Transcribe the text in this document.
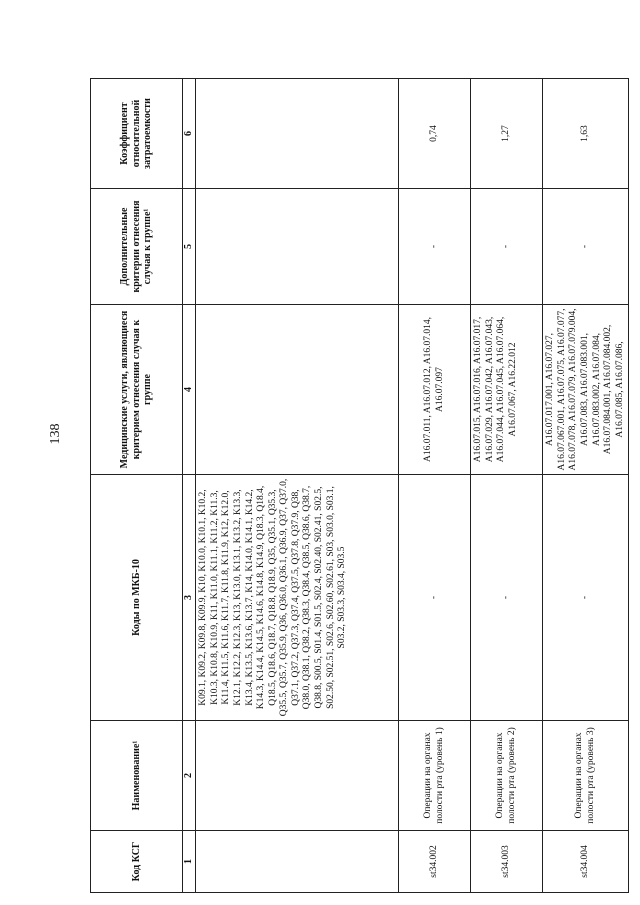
138
Код КСГ	Наименование¹	Коды по МКБ-10	Медицинские услуги, являющиеся критерием отнесения случая к группе	Дополнительные критерии отнесения случая к группе¹	Коэффициент относительной затратоемкости
1	2	3	4	5	6
		K09.1, K09.2, K09.8, K09.9, K10, K10.0, K10.1, K10.2, K10.3, K10.8, K10.9, K11, K11.0, K11.1, K11.2, K11.3, K11.4, K11.5, K11.6, K11.7, K11.8, K11.9, K12, K12.0, K12.1, K12.2, K12.3, K13, K13.0, K13.1, K13.2, K13.3, K13.4, K13.5, K13.6, K13.7, K14, K14.0, K14.1, K14.2, K14.3, K14.4, K14.5, K14.6, K14.8, K14.9, Q18.3, Q18.4, Q18.5, Q18.6, Q18.7, Q18.8, Q18.9, Q35, Q35.1, Q35.3, Q35.5, Q35.7, Q35.9, Q36, Q36.0, Q36.1, Q36.9, Q37, Q37.0, Q37.1, Q37.2, Q37.3, Q37.4, Q37.5, Q37.8, Q37.9, Q38, Q38.0, Q38.1, Q38.2, Q38.3, Q38.4, Q38.5, Q38.6, Q38.7, Q38.8, S00.5, S01.4, S01.5, S02.4, S02.40, S02.41, S02.5, S02.50, S02.51, S02.6, S02.60, S02.61, S03, S03.0, S03.1, S03.2, S03.3, S03.4, S03.5			
st34.002	Операции на органах полости рта (уровень 1)	-	A16.07.011, A16.07.012, A16.07.014, A16.07.097	-	0,74
st34.003	Операции на органах полости рта (уровень 2)	-	A16.07.015, A16.07.016, A16.07.017, A16.07.029, A16.07.042, A16.07.043, A16.07.044, A16.07.045, A16.07.064, A16.07.067, A16.22.012	-	1,27
st34.004	Операции на органах полости рта (уровень 3)	-	A16.07.017.001, A16.07.027, A16.07.067.001, A16.07.075, A16.07.077, A16.07.078, A16.07.079, A16.07.079.004, A16.07.083, A16.07.083.001, A16.07.083.002, A16.07.084, A16.07.084.001, A16.07.084.002, A16.07.085, A16.07.086,	-	1,63
